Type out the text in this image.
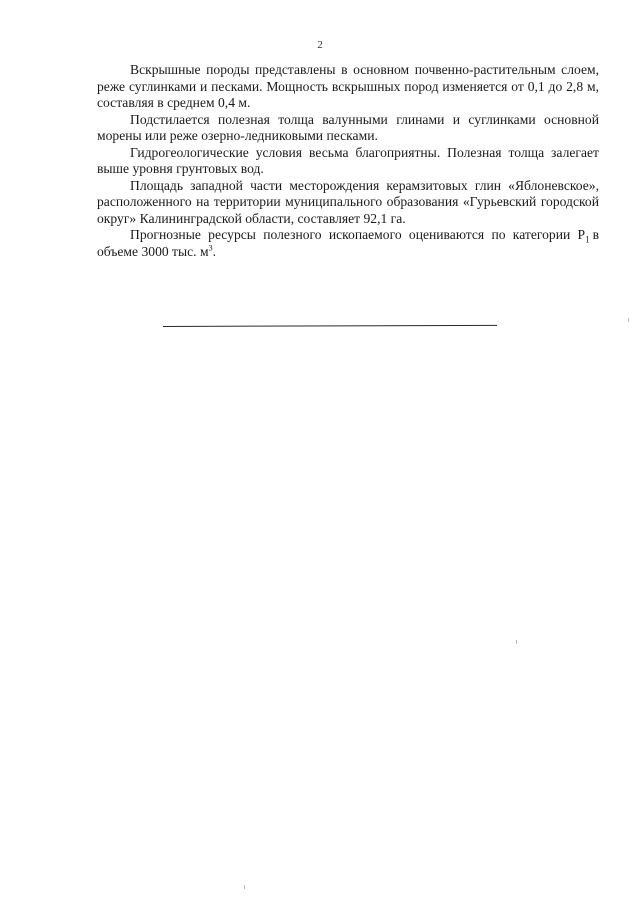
2

Вскрышные породы представлены в основном почвенно-растительным слоем, реже суглинками и песками. Мощность вскрышных пород изменяется от 0,1 до 2,8 м, составляя в среднем 0,4 м.

Подстилается полезная толща валунными глинами и суглинками основной морены или реже озерно-ледниковыми песками.

Гидрогеологические условия весьма благоприятны. Полезная толща залегает выше уровня грунтовых вод.

Площадь западной части месторождения керамзитовых глин «Яблоневское», расположенного на территории муниципального образования «Гурьевский городской округ» Калининградской области, составляет 92,1 га.

Прогнозные ресурсы полезного ископаемого оцениваются по категории $Р_1$ в объеме 3000 тыс. $м^3$.
